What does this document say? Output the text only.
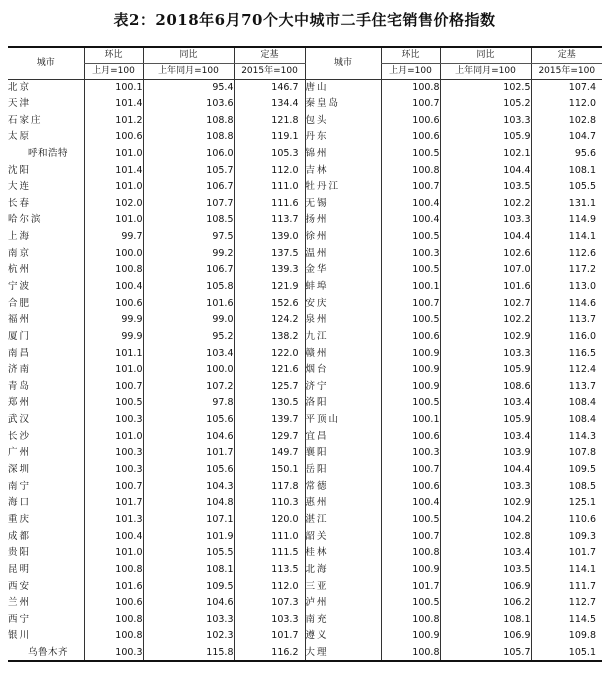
表2：2018年6月70个大中城市二手住宅销售价格指数
城市	环比	同比	定基	城市	环比	同比	定基
	上月=100	上年同月=100	2015年=100		上月=100	上年同月=100	2015年=100
北京	100.1	95.4	146.7	唐山	100.8	102.5	107.4
天津	101.4	103.6	134.4	秦皇岛	100.7	105.2	112.0
石家庄	101.2	108.8	121.8	包头	100.6	103.3	102.8
太原	100.6	108.8	119.1	丹东	100.6	105.9	104.7
呼和浩特	101.0	106.0	105.3	锦州	100.5	102.1	95.6
沈阳	101.4	105.7	112.0	吉林	100.8	104.4	108.1
大连	101.0	106.7	111.0	牡丹江	100.7	103.5	105.5
长春	102.0	107.7	111.6	无锡	100.4	102.2	131.1
哈尔滨	101.0	108.5	113.7	扬州	100.4	103.3	114.9
上海	99.7	97.5	139.0	徐州	100.5	104.4	114.1
南京	100.0	99.2	137.5	温州	100.3	102.6	112.6
杭州	100.8	106.7	139.3	金华	100.5	107.0	117.2
宁波	100.4	105.8	121.9	蚌埠	100.1	101.6	113.0
合肥	100.6	101.6	152.6	安庆	100.7	102.7	114.6
福州	99.9	99.0	124.2	泉州	100.5	102.2	113.7
厦门	99.9	95.2	138.2	九江	100.6	102.9	116.0
南昌	101.1	103.4	122.0	赣州	100.9	103.3	116.5
济南	101.0	100.0	121.6	烟台	100.9	105.9	112.4
青岛	100.7	107.2	125.7	济宁	100.9	108.6	113.7
郑州	100.5	97.8	130.5	洛阳	100.5	103.4	108.4
武汉	100.3	105.6	139.7	平顶山	100.1	105.9	108.4
长沙	101.0	104.6	129.7	宜昌	100.6	103.4	114.3
广州	100.3	101.7	149.7	襄阳	100.3	103.9	107.8
深圳	100.3	105.6	150.1	岳阳	100.7	104.4	109.5
南宁	100.7	104.3	117.8	常德	100.6	103.3	108.5
海口	101.7	104.8	110.3	惠州	100.4	102.9	125.1
重庆	101.3	107.1	120.0	湛江	100.5	104.2	110.6
成都	100.4	101.9	111.0	韶关	100.7	102.8	109.3
贵阳	101.0	105.5	111.5	桂林	100.8	103.4	101.7
昆明	100.8	108.1	113.5	北海	100.9	103.5	114.1
西安	101.6	109.5	112.0	三亚	101.7	106.9	111.7
兰州	100.6	104.6	107.3	泸州	100.5	106.2	112.7
西宁	100.8	103.3	103.3	南充	100.8	108.1	114.5
银川	100.8	102.3	101.7	遵义	100.9	106.9	109.8
乌鲁木齐	100.3	115.8	116.2	大理	100.8	105.7	105.1
